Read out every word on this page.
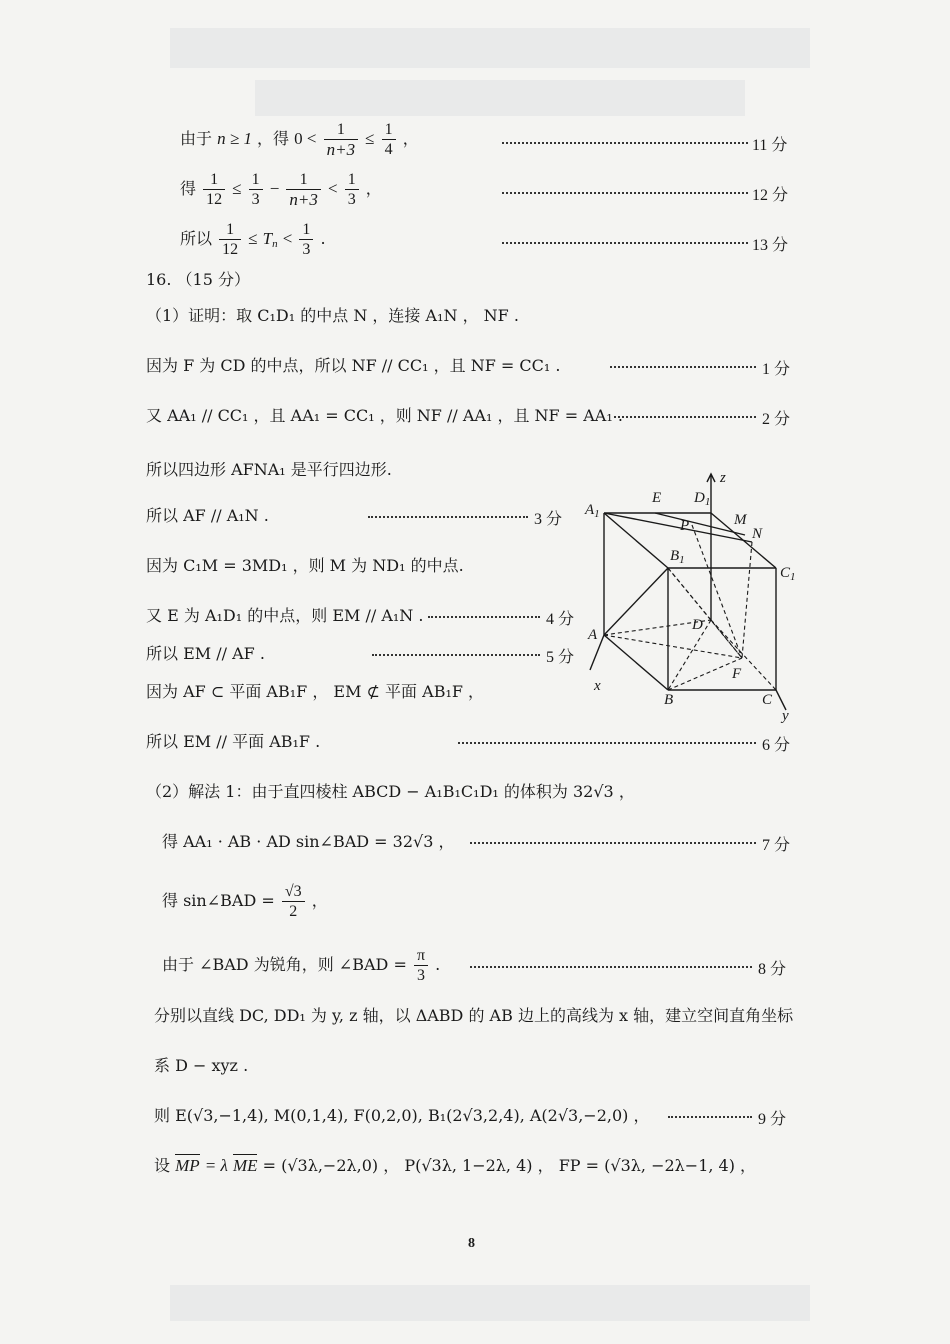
由于 n ≥ 1 ，得 $0 < \frac{1}{n+3} \le \frac{1}{4}$ ，	11 分
得 $\frac{1}{12} \le \frac{1}{3} - \frac{1}{n+3} < \frac{1}{3}$ ，	12 分
所以 $\frac{1}{12} \le T_n < \frac{1}{3}$ .	13 分
16. （15 分）
（1）证明：取 C₁D₁ 的中点 N ，连接 A₁N ， NF .
因为 F 为 CD 的中点，所以 NF // CC₁ ，且 NF = CC₁ .	1 分
又 AA₁ // CC₁ ，且 AA₁ = CC₁ ，则 NF // AA₁ ，且 NF = AA₁ .	2 分
所以四边形 AFNA₁ 是平行四边形.
所以 AF // A₁N .	3 分
因为 C₁M = 3MD₁ ，则 M 为 ND₁ 的中点.
又 E 为 A₁D₁ 的中点，则 EM // A₁N .	4 分
所以 EM // AF .	5 分
因为 AF ⊂ 平面 AB₁F ， EM ⊄ 平面 AB₁F ，
所以 EM // 平面 AB₁F .	6 分
z
$A_1$
E $D_1$
P	M
N
$B_1$
$C_1$
A
D
F
x
B	C
y
（2）解法 1：由于直四棱柱 ABCD − A₁B₁C₁D₁ 的体积为 32√3 ，
得 AA₁ · AB · AD sin∠BAD = 32√3 ，	7 分
得 sin∠BAD = $\frac{√3}{2}$ ，
由于 ∠BAD 为锐角，则 ∠BAD = $\frac{\pi}{3}$ .	8 分
分别以直线 DC, DD₁ 为 y, z 轴，以 ΔABD 的 AB 边上的高线为 x 轴，建立空间直角坐标
系 D − xyz .
则 E(√3,−1,4), M(0,1,4), F(0,2,0), B₁(2√3,2,4), A(2√3,−2,0) ，	9 分
设 MP = λ ME = (√3λ,−2λ,0) ， P(√3λ, 1−2λ, 4) ， FP = (√3λ, −2λ−1, 4) ，
8
